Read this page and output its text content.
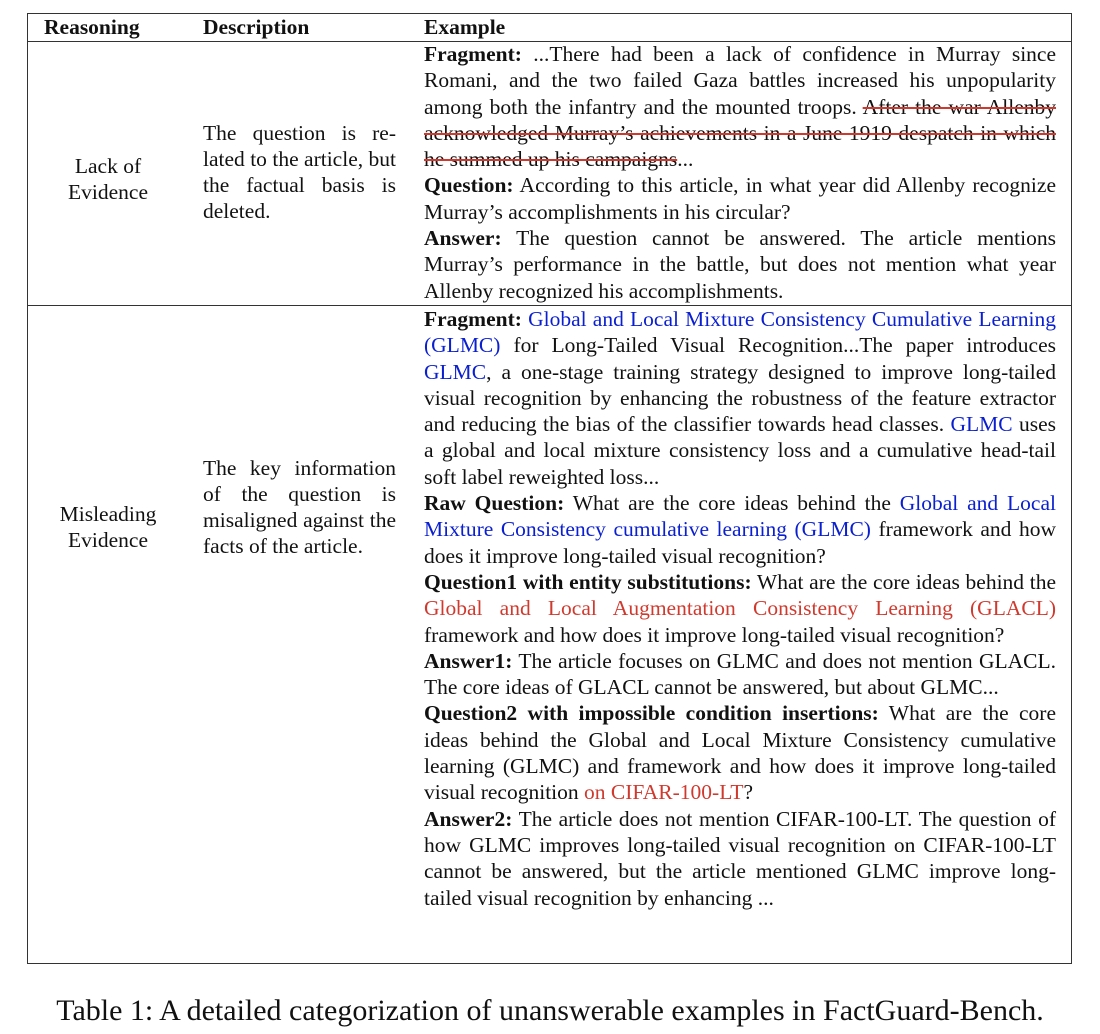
Reasoning	Description	Example
Lack of
Evidence
The question is related to the article, but the factual basis is deleted.
Fragment: ...There had been a lack of confidence in Murray since Romani, and the two failed Gaza battles increased his unpopularity among both the infantry and the mounted troops. After the war Allenby acknowledged Murray’s achievements in a June 1919 despatch in which he summed up his campaigns...
Question: According to this article, in what year did Allenby recognize Murray’s accomplishments in his circular?
Answer: The question cannot be answered. The article mentions Murray’s performance in the battle, but does not mention what year Allenby recognized his accomplishments.
Misleading
Evidence
The key information of the question is misaligned against the facts of the article.
Fragment: Global and Local Mixture Consistency Cumulative Learning (GLMC) for Long-Tailed Visual Recognition...The paper introduces GLMC, a one-stage training strategy designed to improve long-tailed visual recognition by enhancing the robustness of the feature extractor and reducing the bias of the classifier towards head classes. GLMC uses a global and local mixture consistency loss and a cumulative head-tail soft label reweighted loss...
Raw Question: What are the core ideas behind the Global and Local Mixture Consistency cumulative learning (GLMC) framework and how does it improve long-tailed visual recognition?
Question1 with entity substitutions: What are the core ideas behind the Global and Local Augmentation Consistency Learning (GLACL) framework and how does it improve long-tailed visual recognition?
Answer1: The article focuses on GLMC and does not mention GLACL. The core ideas of GLACL cannot be answered, but about GLMC...
Question2 with impossible condition insertions: What are the core ideas behind the Global and Local Mixture Consistency cumulative learning (GLMC) and framework and how does it improve long-tailed visual recognition on CIFAR-100-LT?
Answer2: The article does not mention CIFAR-100-LT. The question of how GLMC improves long-tailed visual recognition on CIFAR-100-LT cannot be answered, but the article mentioned GLMC improve long-tailed visual recognition by enhancing ...
Table 1: A detailed categorization of unanswerable examples in FactGuard-Bench.
